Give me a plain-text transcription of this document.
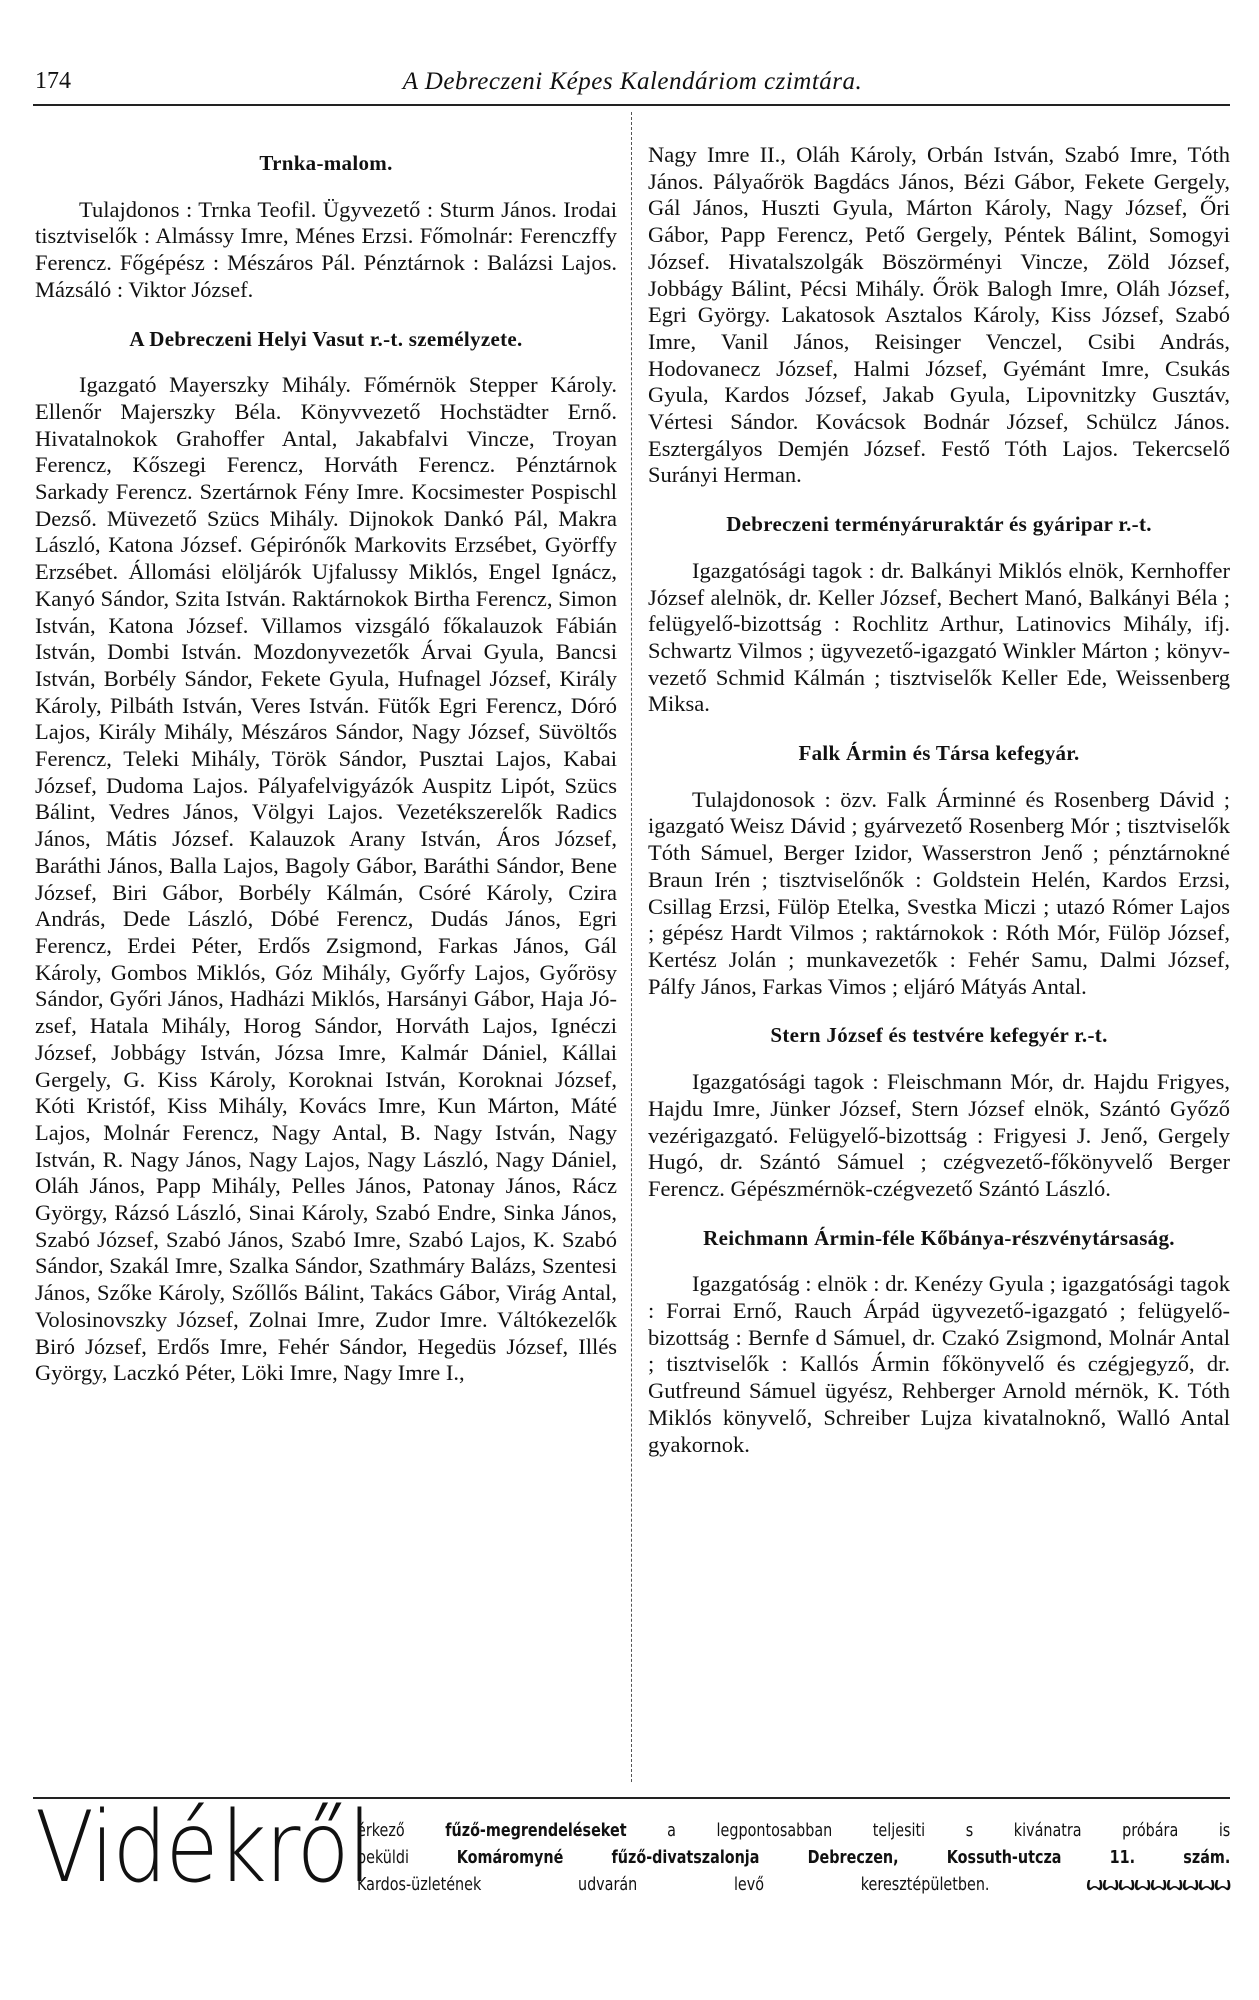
174	A Debreczeni Képes Kalendáriom czimtára.
Trnka-malom.

Tulajdonos : Trnka Teofil. Ügyvezető : Sturm János. Irodai tisztviselők : Almássy Imre, Ménes Erzsi. Főmolnár: Ferenczffy Ferencz. Főgépész : Mészáros Pál. Pénztárnok : Balázsi Lajos. Mázsáló : Viktor József.

A Debreczeni Helyi Vasut r.-t. személyzete.

Igazgató Mayerszky Mihály. Főmérnök Stepper Károly. Ellenőr Majerszky Béla. Könyvvezető Hochstädter Ernő. Hivatalnokok Grahoffer Antal, Jakabfalvi Vincze, Troyan Ferencz, Kőszegi Ferencz, Horváth Ferencz. Pénztárnok Sarkady Ferencz. Szertárnok Fény Imre. Kocsimester Pospischl Dezső. Müvezető Szücs Mihály. Dijnokok Dankó Pál, Makra László, Katona József. Gépirónők Markovits Erzsébet, Györffy Erzsébet. Állomási elöljárók Ujfalussy Miklós, Engel Ignácz, Kanyó Sándor, Szita István. Raktárnokok Birtha Ferencz, Simon István, Katona József. Villamos vizsgáló főkalauzok Fábián István, Dombi István. Mozdonyvezetők Árvai Gyula, Bancsi István, Borbély Sándor, Fekete Gyula, Hufnagel József, Király Károly, Pilbáth István, Veres István. Fütők Egri Ferencz, Dóró Lajos, Király Mihály, Mészáros Sándor, Nagy József, Süvöltős Ferencz, Teleki Mihály, Török Sándor, Pusztai Lajos, Kabai József, Dudoma Lajos. Pályafelvigyázók Auspitz Lipót, Szücs Bálint, Vedres János, Völgyi Lajos. Vezetékszerelők Radics János, Mátis József. Kalauzok Arany István, Áros József, Baráthi János, Balla Lajos, Bagoly Gábor, Baráthi Sándor, Bene József, Biri Gábor, Borbély Kálmán, Csóré Károly, Czira András, Dede László, Dóbé Ferencz, Dudás János, Egri Ferencz, Erdei Péter, Erdős Zsigmond, Farkas János, Gál Károly, Gombos Miklós, Góz Mihály, Győrfy Lajos, Győrösy Sándor, Győri János, Hadházi Miklós, Harsányi Gábor, Haja József, Hatala Mihály, Horog Sándor, Horváth Lajos, Ignéczi József, Jobbágy István, Józsa Imre, Kalmár Dániel, Kállai Gergely, G. Kiss Károly, Koroknai István, Koroknai József, Kóti Kristóf, Kiss Mihály, Kovács Imre, Kun Márton, Máté Lajos, Molnár Ferencz, Nagy Antal, B. Nagy István, Nagy István, R. Nagy János, Nagy Lajos, Nagy László, Nagy Dániel, Oláh János, Papp Mihály, Pelles János, Patonay János, Rácz György, Rázsó László, Sinai Károly, Szabó Endre, Sinka János, Szabó József, Szabó János, Szabó Imre, Szabó Lajos, K. Szabó Sándor, Szakál Imre, Szalka Sándor, Szathmáry Balázs, Szentesi János, Szőke Károly, Szőllős Bálint, Takács Gábor, Virág Antal, Volosinovszky József, Zolnai Imre, Zudor Imre. Váltókezelők Biró József, Erdős Imre, Fehér Sándor, Hegedüs József, Illés György, Laczkó Péter, Löki Imre, Nagy Imre I.,

Nagy Imre II., Oláh Károly, Orbán István, Szabó Imre, Tóth János. Pályaőrök Bagdács János, Bézi Gábor, Fekete Gergely, Gál János, Huszti Gyula, Márton Károly, Nagy József, Őri Gábor, Papp Ferencz, Pető Gergely, Péntek Bálint, Somogyi József. Hivatalszolgák Böszörményi Vincze, Zöld József, Jobbágy Bálint, Pécsi Mihály. Őrök Balogh Imre, Oláh József, Egri György. Lakatosok Asztalos Károly, Kiss József, Szabó Imre, Vanil János, Reisinger Venczel, Csibi András, Hodovanecz József, Halmi József, Gyémánt Imre, Csukás Gyula, Kardos József, Jakab Gyula, Lipovnitzky Gusztáv, Vértesi Sándor. Kovácsok Bodnár József, Schülcz János. Esztergályos Demjén József. Festő Tóth Lajos. Tekercselő Surányi Herman.

Debreczeni terményáruraktár és gyáripar r.-t.

Igazgatósági tagok : dr. Balkányi Miklós elnök, Kernhoffer József alelnök, dr. Keller József, Bechert Manó, Balkányi Béla ; felügyelő-bizottság : Rochlitz Arthur, Latinovics Mihály, ifj. Schwartz Vilmos ; ügyvezető-igazgató Winkler Márton ; könyvvezető Schmid Kálmán ; tisztviselők Keller Ede, Weissenberg Miksa.

Falk Ármin és Társa kefegyár.

Tulajdonosok : özv. Falk Árminné és Rosenberg Dávid ; igazgató Weisz Dávid ; gyárvezető Rosenberg Mór ; tisztviselők Tóth Sámuel, Berger Izidor, Wasserstron Jenő ; pénztárnokné Braun Irén ; tisztviselőnők : Goldstein Helén, Kardos Erzsi, Csillag Erzsi, Fülöp Etelka, Svestka Miczi ; utazó Rómer Lajos ; gépész Hardt Vilmos ; raktárnokok : Róth Mór, Fülöp József, Kertész Jolán ; munkavezetők : Fehér Samu, Dalmi József, Pálfy János, Farkas Vimos ; eljáró Mátyás Antal.

Stern József és testvére kefegyér r.-t.

Igazgatósági tagok : Fleischmann Mór, dr. Hajdu Frigyes, Hajdu Imre, Jünker József, Stern József elnök, Szántó Győző vezérigazgató. Felügyelő-bizottság : Frigyesi J. Jenő, Gergely Hugó, dr. Szántó Sámuel ; czégvezető-főkönyvelő Berger Ferencz. Gépészmérnök-czégvezető Szántó László.

Reichmann Ármin-féle Kőbánya-részvénytársaság.

Igazgatóság : elnök : dr. Kenézy Gyula ; igazgatósági tagok : Forrai Ernő, Rauch Árpád ügyvezető-igazgató ; felügyelő-bizottság : Bernfe d Sámuel, dr. Czakó Zsigmond, Molnár Antal ; tisztviselők : Kallós Ármin főkönyvelő és czégjegyző, dr. Gutfreund Sámuel ügyész, Rehberger Arnold mérnök, K. Tóth Miklós könyvelő, Schreiber Lujza kivatalnoknő, Walló Antal gyakornok.

Vidékről
érkező fűző-megrendeléseket a legpontosabban teljesiti s kivánatra próbára is
beküldi	Komáromyné fűző-divatszalonja Debreczen, Kossuth-utcza 11. szám.
Kardos-üzletének udvarán levő keresztépületben.	ꙍꙍꙍꙍꙍꙍꙍꙍꙍ
